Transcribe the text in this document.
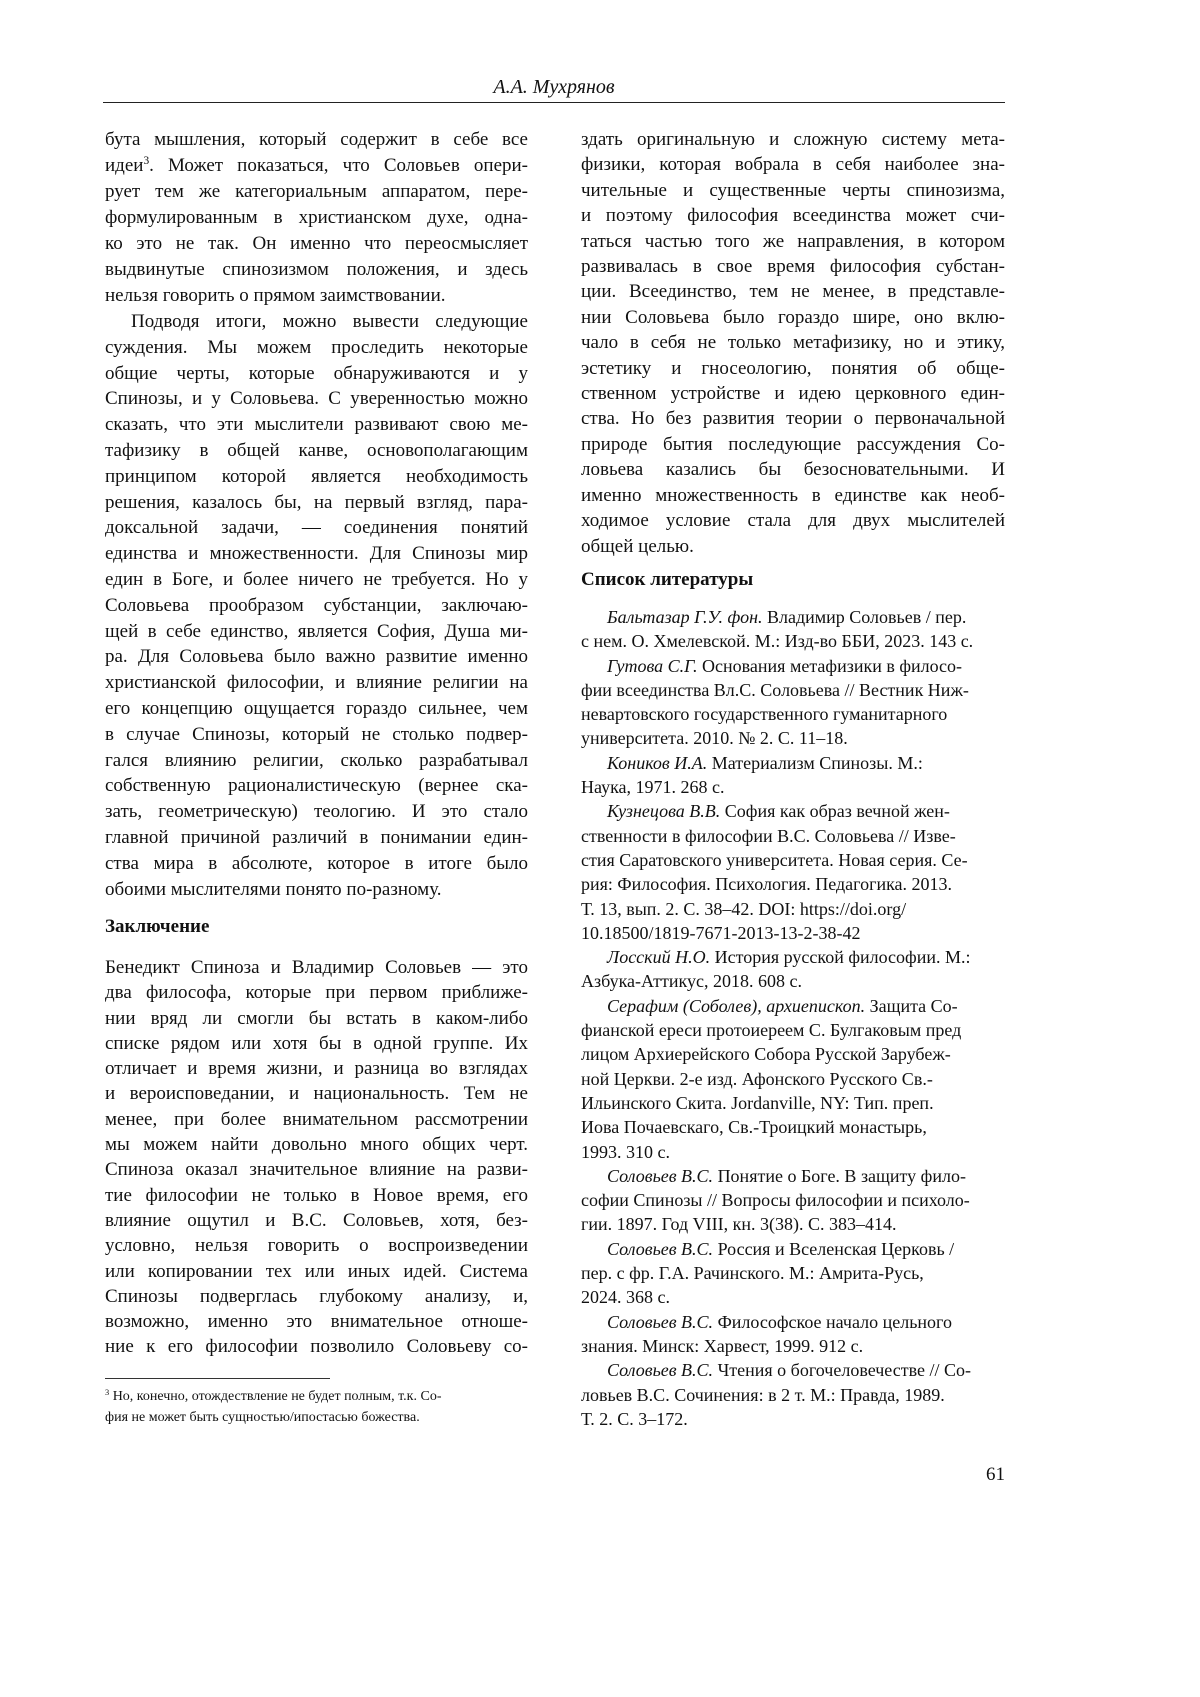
А.А. Мухрянов
бута мышления, который содержит в себе все
идеи3. Может показаться, что Соловьев опери-
рует тем же категориальным аппаратом, пере-
формулированным в христианском духе, одна-
ко это не так. Он именно что переосмысляет
выдвинутые спинозизмом положения, и здесь
нельзя говорить о прямом заимствовании.
Подводя итоги, можно вывести следующие
суждения. Мы можем проследить некоторые
общие черты, которые обнаруживаются и у
Спинозы, и у Соловьева. С уверенностью можно
сказать, что эти мыслители развивают свою ме-
тафизику в общей канве, основополагающим
принципом которой является необходимость
решения, казалось бы, на первый взгляд, пара-
доксальной задачи, — соединения понятий
единства и множественности. Для Спинозы мир
един в Боге, и более ничего не требуется. Но у
Соловьева прообразом субстанции, заключаю-
щей в себе единство, является София, Душа ми-
ра. Для Соловьева было важно развитие именно
христианской философии, и влияние религии на
его концепцию ощущается гораздо сильнее, чем
в случае Спинозы, который не столько подвер-
гался влиянию религии, сколько разрабатывал
собственную рационалистическую (вернее ска-
зать, геометрическую) теологию. И это стало
главной причиной различий в понимании един-
ства мира в абсолюте, которое в итоге было
обоими мыслителями понято по-разному.
Заключение
Бенедикт Спиноза и Владимир Соловьев — это
два философа, которые при первом приближе-
нии вряд ли смогли бы встать в каком-либо
списке рядом или хотя бы в одной группе. Их
отличает и время жизни, и разница во взглядах
и вероисповедании, и национальность. Тем не
менее, при более внимательном рассмотрении
мы можем найти довольно много общих черт.
Спиноза оказал значительное влияние на разви-
тие философии не только в Новое время, его
влияние ощутил и В.С. Соловьев, хотя, без-
условно, нельзя говорить о воспроизведении
или копировании тех или иных идей. Система
Спинозы подверглась глубокому анализу, и,
возможно, именно это внимательное отноше-
ние к его философии позволило Соловьеву со-
3 Но, конечно, отождествление не будет полным, т.к. Со-
фия не может быть сущностью/ипостасью божества.
здать оригинальную и сложную систему мета-
физики, которая вобрала в себя наиболее зна-
чительные и существенные черты спинозизма,
и поэтому философия всеединства может счи-
таться частью того же направления, в котором
развивалась в свое время философия субстан-
ции. Всеединство, тем не менее, в представле-
нии Соловьева было гораздо шире, оно вклю-
чало в себя не только метафизику, но и этику,
эстетику и гносеологию, понятия об обще-
ственном устройстве и идею церковного един-
ства. Но без развития теории о первоначальной
природе бытия последующие рассуждения Со-
ловьева казались бы безосновательными. И
именно множественность в единстве как необ-
ходимое условие стала для двух мыслителей
общей целью.
Список литературы
Бальтазар Г.У. фон. Владимир Соловьев / пер.
с нем. О. Хмелевской. М.: Изд-во ББИ, 2023. 143 с.
Гутова С.Г. Основания метафизики в филосо-
фии всеединства Вл.С. Соловьева // Вестник Ниж-
невартовского государственного гуманитарного
университета. 2010. № 2. С. 11–18.
Коников И.А. Материализм Спинозы. М.:
Наука, 1971. 268 с.
Кузнецова В.В. София как образ вечной жен-
ственности в философии В.С. Соловьева // Изве-
стия Саратовского университета. Новая серия. Се-
рия: Философия. Психология. Педагогика. 2013.
Т. 13, вып. 2. С. 38–42. DOI: https://doi.org/
10.18500/1819-7671-2013-13-2-38-42
Лосский Н.О. История русской философии. М.:
Азбука-Аттикус, 2018. 608 с.
Серафим (Соболев), архиепископ. Защита Со-
фианской ереси протоиереем С. Булгаковым пред
лицом Архиерейского Собора Русской Зарубеж-
ной Церкви. 2-е изд. Афонского Русского Св.-
Ильинского Скита. Jordanville, NY: Тип. преп.
Иова Почаевскаго, Св.-Троицкий монастырь,
1993. 310 с.
Соловьев В.С. Понятие о Боге. В защиту фило-
софии Спинозы // Вопросы философии и психоло-
гии. 1897. Год VIII, кн. 3(38). С. 383–414.
Соловьев В.С. Россия и Вселенская Церковь /
пер. с фр. Г.А. Рачинского. М.: Амрита-Русь,
2024. 368 с.
Соловьев В.С. Философское начало цельного
знания. Минск: Харвест, 1999. 912 с.
Соловьев В.С. Чтения о богочеловечестве // Со-
ловьев В.С. Сочинения: в 2 т. М.: Правда, 1989.
Т. 2. С. 3–172.
61
